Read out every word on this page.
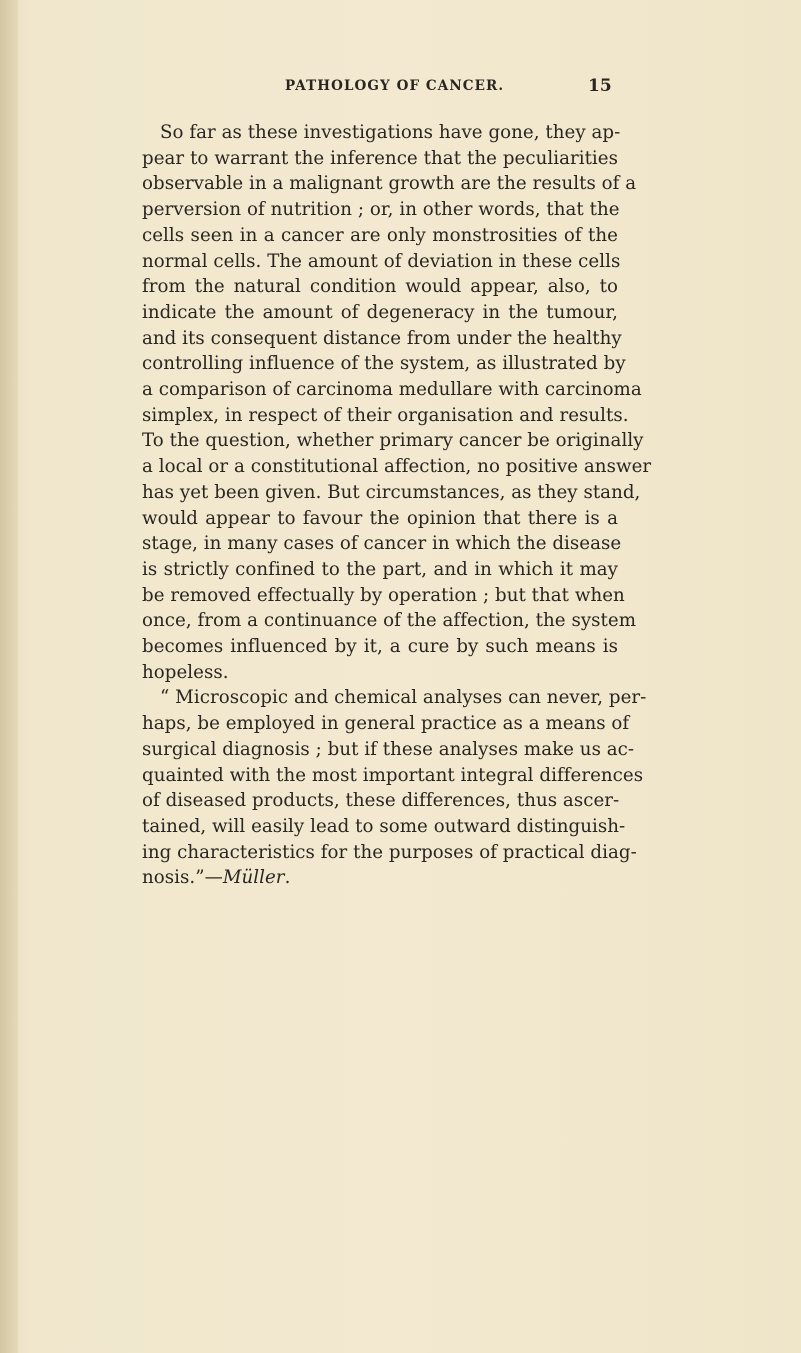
PATHOLOGY OF CANCER.	15
So far as these investigations have gone, they ap-
pear to warrant the inference that the peculiarities
observable in a malignant growth are the results of a
perversion of nutrition ; or, in other words, that the
cells seen in a cancer are only monstrosities of the
normal cells. The amount of deviation in these cells
from the natural condition would appear, also, to
indicate the amount of degeneracy in the tumour,
and its consequent distance from under the healthy
controlling influence of the system, as illustrated by
a comparison of carcinoma medullare with carcinoma
simplex, in respect of their organisation and results.
To the question, whether primary cancer be originally
a local or a constitutional affection, no positive answer
has yet been given. But circumstances, as they stand,
would appear to favour the opinion that there is a
stage, in many cases of cancer in which the disease
is strictly confined to the part, and in which it may
be removed effectually by operation ; but that when
once, from a continuance of the affection, the system
becomes influenced by it, a cure by such means is
hopeless.
“ Microscopic and chemical analyses can never, per-
haps, be employed in general practice as a means of
surgical diagnosis ; but if these analyses make us ac-
quainted with the most important integral differences
of diseased products, these differences, thus ascer-
tained, will easily lead to some outward distinguish-
ing characteristics for the purposes of practical diag-
nosis.”—Müller.
